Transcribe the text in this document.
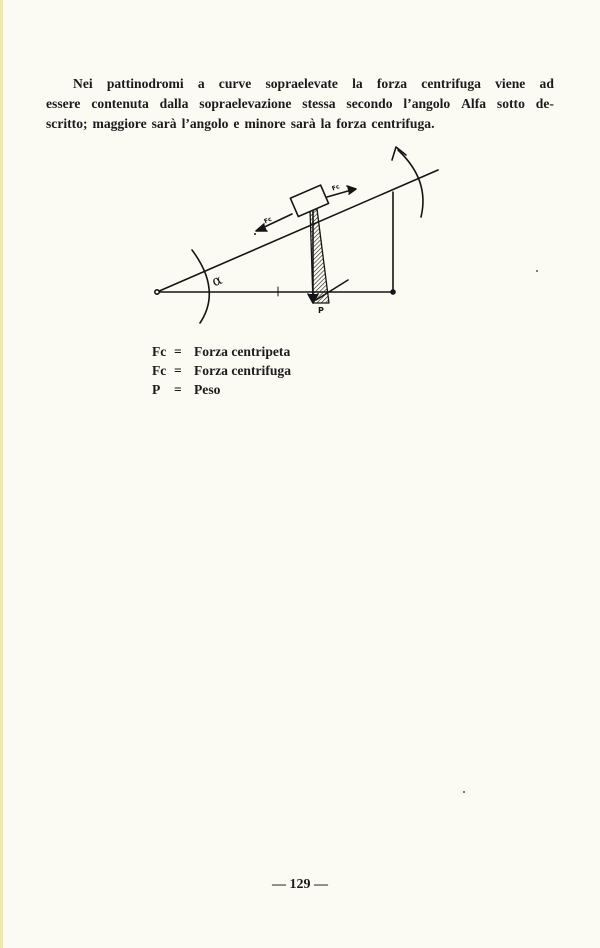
Nei pattinodromi a curve sopraelevate la forza centrifuga viene ad
essere contenuta dalla sopraelevazione stessa secondo l’angolo Alfa sotto de-
scritto; maggiore sarà l’angolo e minore sarà la forza centrifuga.
α
P
Fc
Fc
Fc = Forza centripeta
Fc = Forza centrifuga
P	= Peso
— 129 —
